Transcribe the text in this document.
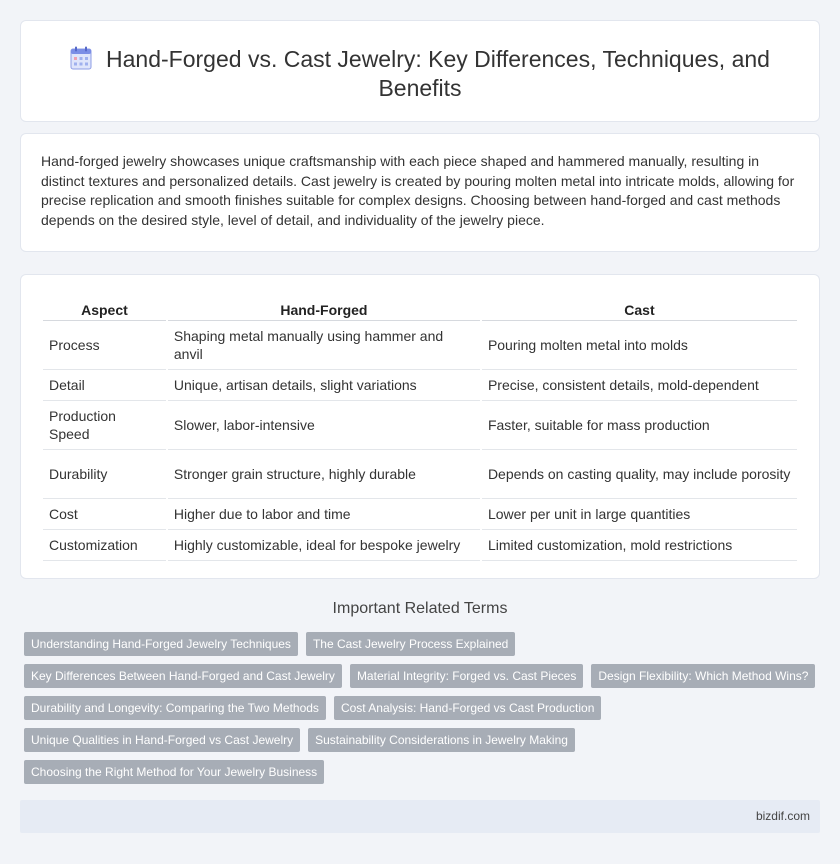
Hand-Forged vs. Cast Jewelry: Key Differences, Techniques, and Benefits

Hand-forged jewelry showcases unique craftsmanship with each piece shaped and hammered manually, resulting in distinct textures and personalized details. Cast jewelry is created by pouring molten metal into intricate molds, allowing for precise replication and smooth finishes suitable for complex designs. Choosing between hand-forged and cast methods depends on the desired style, level of detail, and individuality of the jewelry piece.

Aspect	Hand-Forged	Cast
Process	Shaping metal manually using hammer and anvil	Pouring molten metal into molds
Detail	Unique, artisan details, slight variations	Precise, consistent details, mold-dependent
Production Speed	Slower, labor-intensive	Faster, suitable for mass production
Durability	Stronger grain structure, highly durable	Depends on casting quality, may include porosity
Cost	Higher due to labor and time	Lower per unit in large quantities
Customization	Highly customizable, ideal for bespoke jewelry	Limited customization, mold restrictions
Important Related Terms
Understanding Hand-Forged Jewelry Techniques	The Cast Jewelry Process Explained
Key Differences Between Hand-Forged and Cast Jewelry	Material Integrity: Forged vs. Cast Pieces	Design Flexibility: Which Method Wins?
Durability and Longevity: Comparing the Two Methods	Cost Analysis: Hand-Forged vs Cast Production
Unique Qualities in Hand-Forged vs Cast Jewelry	Sustainability Considerations in Jewelry Making
Choosing the Right Method for Your Jewelry Business
bizdif.com
